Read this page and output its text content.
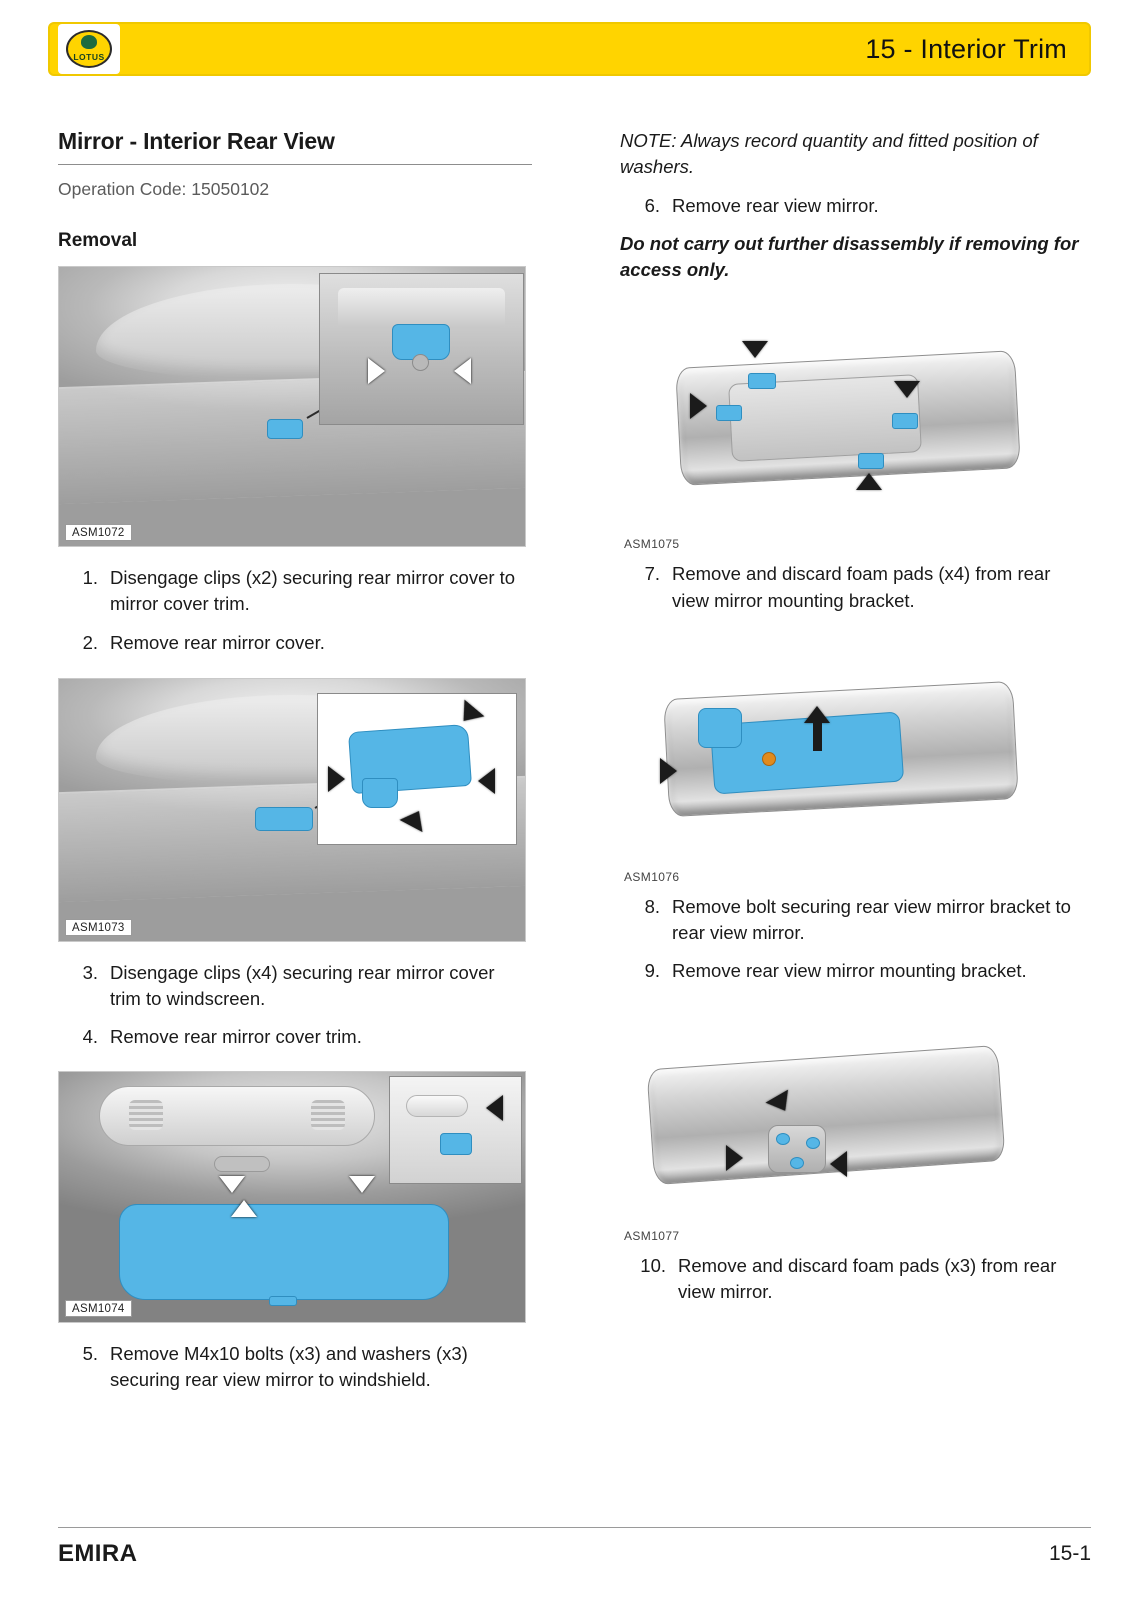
15 - Interior Trim
LOTUS
Mirror - Interior Rear View

Operation Code: 15050102

Removal
ASM1072
1. Disengage clips (x2) securing rear mirror cover to mirror cover trim.
2. Remove rear mirror cover.
ASM1073
3. Disengage clips (x4) securing rear mirror cover trim to windscreen.
4. Remove rear mirror cover trim.
ASM1074
5. Remove M4x10 bolts (x3) and washers (x3) securing rear view mirror to windshield.

NOTE: Always record quantity and fitted position of washers.

6. Remove rear view mirror.

Do not carry out further disassembly if removing for access only.

ASM1075
7. Remove and discard foam pads (x4) from rear view mirror mounting bracket.
ASM1076
8. Remove bolt securing rear view mirror bracket to rear view mirror.
9. Remove rear view mirror mounting bracket.
ASM1077
10. Remove and discard foam pads (x3) from rear view mirror.
EMIRA	15-1
